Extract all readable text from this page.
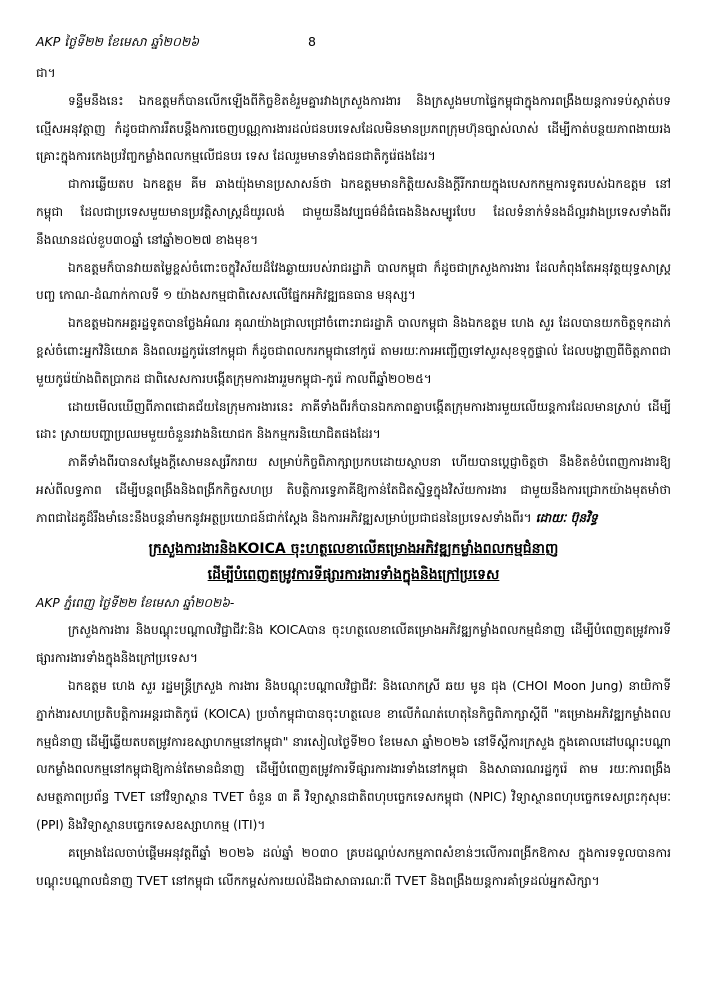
AKP ថ្ងៃទី២២ ខែមេសា ឆ្នាំ២០២៦	8

ជា។

ទន្ទឹមនឹងនេះ ឯកឧត្តមក៏បានលើកឡើងពីកិច្ចខិតខំរួមគ្នារវាងក្រសួងការងារ និងក្រសួងមហាផ្ទៃកម្ពុជាក្នុងការពង្រឹងយន្តការទប់ស្កាត់បទល្មើសអនុវត្តាញ កំដូចជាការរឹតបន្តឹងការចេញបណ្ណការងារដល់ជនបរទេសដែលមិនមានប្រភពក្រុមហ៊ុនច្បាស់លាស់ ដើម្បីកាត់បន្ថយភាពងាយរងគ្រោះក្នុងការកេងប្រវ័ញ្ចកម្លាំងពលកម្មលើជនបរ ទេស ដែលរួមមានទាំងជនជាតិកូរ៉េផងដែរ។

ជាការឆ្លើយតប ឯកឧត្តម គីម ឆាងយ៉ុងមានប្រសាសន៍ថា ឯកឧត្តមមានកិត្តិយសនិងក្ដីរីករាយក្នុងបេសកកម្មការទូតរបស់ឯកឧត្តម នៅកម្ពុជា ដែលជាប្រទេសមួយមានប្រវត្តិសាស្ត្រដ៏យូរលង់ ជាមួយនឹងវប្បធម៌ដ៏ធំធេងនិងសម្បូរបែប ដែលទំនាក់ទំនងដ៏ល្អរវាងប្រទេសទាំងពីរនឹងឈានដល់ខួប៣០ឆ្នាំ នៅឆ្នាំ២០២៧ ខាងមុខ។

ឯកឧត្តមក៏បានវាយតម្លៃខ្ពស់ចំពោះចក្ខុវិស័យដ៏វែងឆ្ងាយរបស់រាជរដ្ឋាភិ បាលកម្ពុជា ក៏ដូចជាក្រសួងការងារ ដែលកំពុងតែអនុវត្តយុទ្ធសាស្ត្របញ្ច កោណ-ដំណាក់កាលទី ១ យ៉ាងសកម្មជាពិសេសលើផ្នែកអភិវឌ្ឍធនធាន មនុស្ស។

ឯកឧត្តមឯកអគ្គរដ្ឋទូតបានថ្លែងអំណរ គុណយ៉ាងជ្រាលជ្រៅចំពោះរាជរដ្ឋាភិ បាលកម្ពុជា និងឯកឧត្តម ហេង សួរ ដែលបានយកចិត្តទុកដាក់ខ្ពស់ចំពោះអ្នកវិនិយោគ និងពលរដ្ឋកូរ៉េនៅកម្ពុជា ក៏ដូចជាពលករកម្ពុជានៅកូរ៉េ តាមរយៈការអញ្ជើញទៅសួរសុខទុក្ខផ្ទាល់ ដែលបង្ហាញពីចិត្តភាពជាមួយកូរ៉េយ៉ាងពិតប្រាកដ ជាពិសេសការបង្កើតក្រុមការងាររួមកម្ពុជា-កូរ៉េ កាលពីឆ្នាំ២០២៥។

ដោយមើលឃើញពីភាពជោគជ័យនៃក្រុមការងារនេះ ភាគីទាំងពីរក៏បានឯកភាពគ្នាបង្កើតក្រុមការងារមួយលើយន្តការដែលមានស្រាប់ ដើម្បី ដោះ ស្រាយបញ្ហាប្រឈមមួយចំនួនរវាងនិយោជក និងកម្មករនិយោជិតផងដែរ។

ភាគីទាំងពីរបានសម្ដែងក្ដីសោមនស្សរីករាយ សម្រាប់កិច្ចពិភាក្សាប្រកបដោយស្ថាបនា ហើយបានប្ដេជ្ញាចិត្តថា នឹងខិតខំបំពេញការងារឱ្យអស់ពីលទ្ធភាព ដើម្បីបន្តពង្រឹងនិងពង្រីកកិច្ចសហប្រ តិបត្តិការទ្វេភាគីឱ្យកាន់តែជិតស្និទ្ធក្នុងវិស័យការងារ ជាមួយនឹងការជ្រោកយ៉ាងមុតមាំថា ភាពជាដៃគូដ៏រឹងមាំនេះនឹងបន្តនាំមកនូវអត្ថប្រយោជន៍ជាក់ស្ដែង និងការអភិវឌ្ឍសម្រាប់ប្រជាជននៃប្រទេសទាំងពីរ។ ដោយៈ ប៊ុនវិទ្ធ

ក្រសួងការងារនិងKOICA ចុះហត្ថលេខាលើគម្រោងអភិវឌ្ឍកម្លាំងពលកម្មជំនាញ
ដើម្បីបំពេញតម្រូវការទីផ្សារការងារទាំងក្នុងនិងក្រៅប្រទេស

AKP ភ្នំពេញ ថ្ងៃទី២២ ខែមេសា ឆ្នាំ២០២៦-

ក្រសួងការងារ និងបណ្ដុះបណ្ដាលវិជ្ជាជីវៈនិង KOICAបាន ចុះហត្ថលេខាលើគម្រោងអភិវឌ្ឍកម្លាំងពលកម្មជំនាញ ដើម្បីបំពេញតម្រូវការទីផ្សារការងារទាំងក្នុងនិងក្រៅប្រទេស។

ឯកឧត្តម ហេង សួរ រដ្ឋមន្ត្រីក្រសួង ការងារ និងបណ្ដុះបណ្ដាលវិជ្ជាជីវៈ និងលោកស្រី ឆយ មូន ជុង (CHOI Moon Jung) នាយិកាទីភ្នាក់ងារសហប្រតិបត្តិការអន្តរជាតិកូរ៉េ (KOICA) ប្រចាំកម្ពុជាបានចុះហត្ថលេខ ខាលើកំណត់ហេតុនៃកិច្ចពិភាក្សាស្ដីពី "គម្រោងអភិវឌ្ឍកម្លាំងពលកម្មជំនាញ ដើម្បីឆ្លើយតបតម្រូវការឧស្សាហកម្មនៅកម្ពុជា" នារសៀលថ្ងៃទី២០ ខែមេសា ឆ្នាំ២០២៦ នៅទីស្ដីការក្រសួង ក្នុងគោលដៅបណ្ដុះបណ្ដា លកម្លាំងពលកម្មនៅកម្ពុជាឱ្យកាន់តែមានជំនាញ ដើម្បីបំពេញតម្រូវការទីផ្សារការងារទាំងនៅកម្ពុជា និងសាធារណរដ្ឋកូរ៉េ តាម រយៈការពង្រឹងសមត្ថភាពប្រព័ន្ធ TVET នៅវិទ្យាស្ថាន TVET ចំនួន ៣ គឺ វិទ្យាស្ថានជាតិពហុបច្ចេកទេសកម្ពុជា (NPIC) វិទ្យាស្ថានពហុបច្ចេកទេសព្រះកុសុមៈ (PPI) និងវិទ្យាស្ថានបច្ចេកទេសឧស្សាហកម្ម (ITI)។

គម្រោងដែលចាប់ផ្ដើមអនុវត្តពីឆ្នាំ ២០២៦ ដល់ឆ្នាំ ២០៣០ គ្របដណ្ដប់សកម្មភាពសំខាន់ៗលើការពង្រីកឱកាស ក្នុងការទទួលបានការបណ្ដុះបណ្ដាលជំនាញ TVET នៅកម្ពុជា លើកកម្ពស់ការយល់ដឹងជាសាធារណៈពី TVET និងពង្រឹងយន្តការគាំទ្រដល់អ្នកសិក្សា។
